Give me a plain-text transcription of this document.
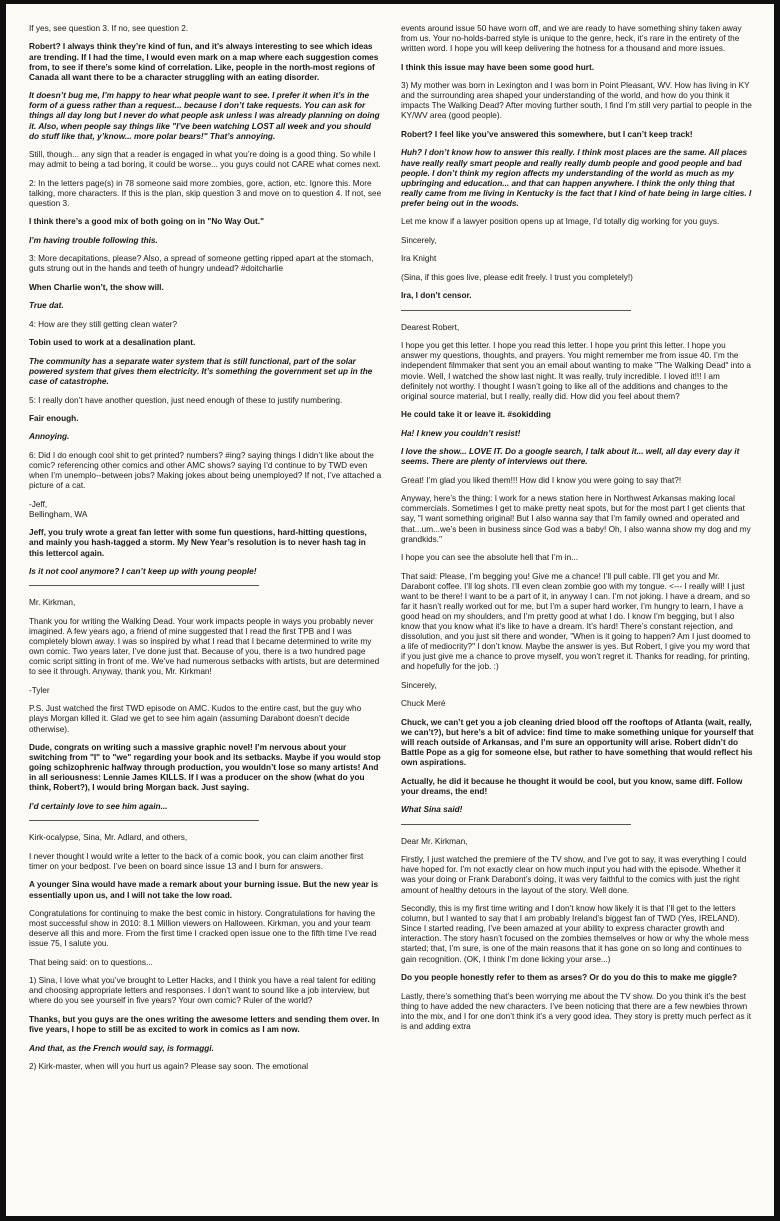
If yes, see question 3. If no, see question 2.

Robert? I always think they’re kind of fun, and it’s always interesting to see which ideas are trending. If I had the time, I would even mark on a map where each suggestion comes from, to see if there’s some kind of correlation. Like, people in the north-most regions of Canada all want there to be a character struggling with an eating disorder.

It doesn’t bug me, I’m happy to hear what people want to see. I prefer it when it’s in the form of a guess rather than a request... because I don’t take requests. You can ask for things all day long but I never do what people ask unless I was already planning on doing it. Also, when people say things like "I’ve been watching LOST all week and you should do stuff like that, y’know... more polar bears!" That’s annoying.

Still, though... any sign that a reader is engaged in what you’re doing is a good thing. So while I may admit to being a tad boring, it could be worse... you guys could not CARE what comes next.

2: In the letters page(s) in 78 someone said more zombies, gore, action, etc. Ignore this. More talking, more characters. If this is the plan, skip question 3 and move on to question 4. If not, see question 3.

I think there’s a good mix of both going on in "No Way Out."

I’m having trouble following this.

3: More decapitations, please? Also, a spread of someone getting ripped apart at the stomach, guts strung out in the hands and teeth of hungry undead? #doitcharlie

When Charlie won’t, the show will.

True dat.

4: How are they still getting clean water?

Tobin used to work at a desalination plant.

The community has a separate water system that is still functional, part of the solar powered system that gives them electricity. It’s something the government set up in the case of catastrophe.

5: I really don’t have another question, just need enough of these to justify numbering.

Fair enough.

Annoying.

6: Did I do enough cool shit to get printed? numbers? #ing? saying things I didn’t like about the comic? referencing other comics and other AMC shows? saying I’d continue to by TWD even when I’m unemplo--between jobs? Making jokes about being unemployed? If not, I’ve attached a picture of a cat.

-Jeff,
Bellingham, WA

Jeff, you truly wrote a great fan letter with some fun questions, hard-hitting questions, and mainly you hash-tagged a storm. My New Year’s resolution is to never hash tag in this lettercol again.

Is it not cool anymore? I can’t keep up with young people!

Mr. Kirkman,

Thank you for writing the Walking Dead. Your work impacts people in ways you probably never imagined. A few years ago, a friend of mine suggested that I read the first TPB and I was completely blown away. I was so inspired by what I read that I became determined to write my own comic. Two years later, I’ve done just that. Because of you, there is a two hundred page comic script sitting in front of me. We’ve had numerous setbacks with artists, but are determined to see it through. Anyway, thank you, Mr. Kirkman!

-Tyler

P.S. Just watched the first TWD episode on AMC. Kudos to the entire cast, but the guy who plays Morgan killed it. Glad we get to see him again (assuming Darabont doesn’t decide otherwise).

Dude, congrats on writing such a massive graphic novel! I’m nervous about your switching from "I" to "we" regarding your book and its setbacks. Maybe if you would stop going schizophrenic halfway through production, you wouldn’t lose so many artists! And in all seriousness: Lennie James KILLS. If I was a producer on the show (what do you think, Robert?), I would bring Morgan back. Just saying.

I’d certainly love to see him again...

Kirk-ocalypse, Sina, Mr. Adlard, and others,

I never thought I would write a letter to the back of a comic book, you can claim another first timer on your bedpost. I’ve been on board since issue 13 and I burn for answers.

A younger Sina would have made a remark about your burning issue. But the new year is essentially upon us, and I will not take the low road.

Congratulations for continuing to make the best comic in history. Congratulations for having the most successful show in 2010: 8.1 Million viewers on Halloween. Kirkman, you and your team deserve all this and more. From the first time I cracked open issue one to the fifth time I’ve read issue 75, I salute you.

That being said: on to questions...

1) Sina, I love what you’ve brought to Letter Hacks, and I think you have a real talent for editing and choosing appropriate letters and responses. I don’t want to sound like a job interview, but where do you see yourself in five years? Your own comic? Ruler of the world?

Thanks, but you guys are the ones writing the awesome letters and sending them over. In five years, I hope to still be as excited to work in comics as I am now.

And that, as the French would say, is formaggi.

2) Kirk-master, when will you hurt us again? Please say soon. The emotional

events around issue 50 have worn off, and we are ready to have something shiny taken away from us. Your no-holds-barred style is unique to the genre, heck, it’s rare in the entirety of the written word. I hope you will keep delivering the hotness for a thousand and more issues.

I think this issue may have been some good hurt.

3) My mother was born in Lexington and I was born in Point Pleasant, WV. How has living in KY and the surrounding area shaped your understanding of the world, and how do you think it impacts The Walking Dead? After moving further south, I find I’m still very partial to people in the KY/WV area (good people).

Robert? I feel like you’ve answered this somewhere, but I can’t keep track!

Huh? I don’t know how to answer this really. I think most places are the same. All places have really really smart people and really really dumb people and good people and bad people. I don’t think my region affects my understanding of the world as much as my upbringing and education... and that can happen anywhere. I think the only thing that really came from me living in Kentucky is the fact that I kind of hate being in large cities. I prefer being out in the woods.

Let me know if a lawyer position opens up at Image, I’d totally dig working for you guys.

Sincerely,

Ira Knight

(Sina, if this goes live, please edit freely. I trust you completely!)

Ira, I don’t censor.

Dearest Robert,

I hope you get this letter. I hope you read this letter. I hope you print this letter. I hope you answer my questions, thoughts, and prayers. You might remember me from issue 40. I’m the independent filmmaker that sent you an email about wanting to make "The Walking Dead" into a movie. Well, I watched the show last night. It was really, truly incredible. I loved it!!! I am definitely not worthy. I thought I wasn’t going to like all of the additions and changes to the original source material, but I really, really did. How did you feel about them?

He could take it or leave it. #sokidding

Ha! I knew you couldn’t resist!

I love the show... LOVE IT. Do a google search, I talk about it... well, all day every day it seems. There are plenty of interviews out there.

Great! I’m glad you liked them!!! How did I know you were going to say that?!

Anyway, here’s the thing: I work for a news station here in Northwest Arkansas making local commercials. Sometimes I get to make pretty neat spots, but for the most part I get clients that say, "I want something original! But I also wanna say that I’m family owned and operated and that...um...we’s been in business since God was a baby! Oh, I also wanna show my dog and my grandkids."

I hope you can see the absolute hell that I’m in...

That said: Please, I’m begging you! Give me a chance! I’ll pull cable. I’ll get you and Mr. Darabont coffee. I’ll log shots. I’ll even clean zombie goo with my tongue. <--- I really will! I just want to be there! I want to be a part of it, in anyway I can. I’m not joking. I have a dream, and so far it hasn’t really worked out for me, but I’m a super hard worker, I’m hungry to learn, I have a good head on my shoulders, and I’m pretty good at what I do. I know I’m begging, but I also know that you know what it’s like to have a dream. It’s hard! There’s constant rejection, and dissolution, and you just sit there and wonder, "When is it going to happen? Am I just doomed to a life of mediocrity?" I don’t know. Maybe the answer is yes. But Robert, I give you my word that if you just give me a chance to prove myself, you won’t regret it. Thanks for reading, for printing, and hopefully for the job. :)

Sincerely,

Chuck Meré

Chuck, we can’t get you a job cleaning dried blood off the rooftops of Atlanta (wait, really, we can’t?), but here’s a bit of advice: find time to make something unique for yourself that will reach outside of Arkansas, and I’m sure an opportunity will arise. Robert didn’t do Battle Pope as a gig for someone else, but rather to have something that would reflect his own aspirations.

Actually, he did it because he thought it would be cool, but you know, same diff. Follow your dreams, the end!

What Sina said!

Dear Mr. Kirkman,

Firstly, I just watched the premiere of the TV show, and I’ve got to say, it was everything I could have hoped for. I’m not exactly clear on how much input you had with the episode. Whether it was your doing or Frank Darabont’s doing, it was very faithful to the comics with just the right amount of healthy detours in the layout of the story. Well done.

Secondly, this is my first time writing and I don’t know how likely it is that I’ll get to the letters column, but I wanted to say that I am probably Ireland’s biggest fan of TWD (Yes, IRELAND). Since I started reading, I’ve been amazed at your ability to express character growth and interaction. The story hasn’t focused on the zombies themselves or how or why the whole mess started; that, I’m sure, is one of the main reasons that it has gone on so long and continues to gain recognition. (OK, I think I’m done licking your arse...)

Do you people honestly refer to them as arses? Or do you do this to make me giggle?

Lastly, there’s something that’s been worrying me about the TV show. Do you think it’s the best thing to have added the new characters. I’ve been noticing that there are a few newbies thrown into the mix, and I for one don’t think it’s a very good idea. They story is pretty much perfect as it is and adding extra
